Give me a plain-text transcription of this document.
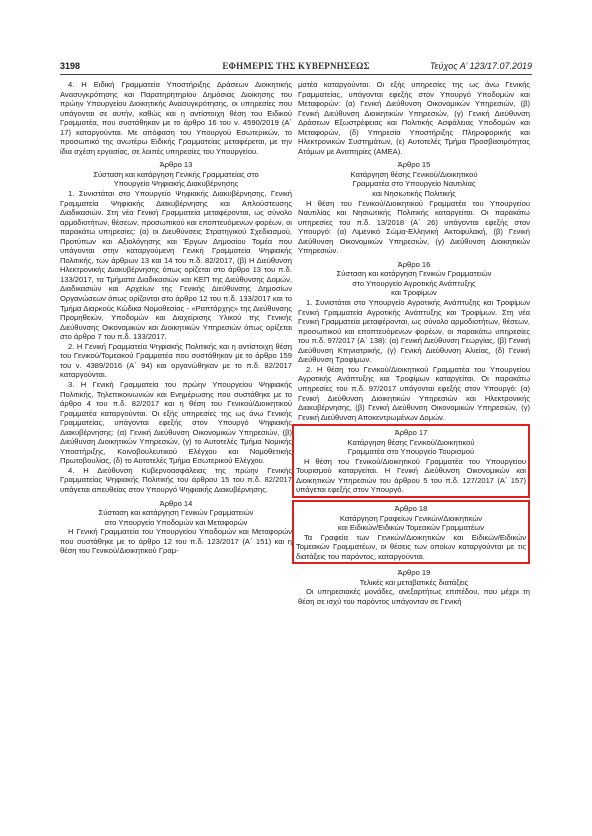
3198	ΕΦΗΜΕΡΙΣ ΤΗΣ ΚΥΒΕΡΝΗΣΕΩΣ	Τεύχος Α’ 123/17.07.2019

4. Η Ειδική Γραμματεία Υποστήριξης Δράσεων Διοικητικής Ανασυγκρότησης και Παρατηρητηρίου Δημόσιας Διοίκησης του πρώην Υπουργείου Διοικητικής Ανασυγκρότησης, οι υπηρεσίες που υπάγονται σε αυτήν, καθώς και η αντίστοιχη θέση του Ειδικού Γραμματέα, που συστάθηκαν με το άρθρο 16 του ν. 4590/2019 (Α΄ 17) καταργούνται. Με απόφαση του Υπουργού Εσωτερικών, το προσωπικό της ανωτέρω Ειδικής Γραμματείας μεταφέρεται, με την ίδια σχέση εργασίας, σε λοιπές υπηρεσίες του Υπουργείου.

Άρθρο 13
Σύσταση και κατάργηση Γενικής Γραμματείας στο
Υπουργείο Ψηφιακής Διακυβέρνησης

1. Συνιστάται στο Υπουργείο Ψηφιακής Διακυβέρνησης, Γενική Γραμματεία Ψηφιακής Διακυβέρνησης και Απλούστευσης Διαδικασιών. Στη νέα Γενική Γραμματεία μεταφέρονται, ως σύνολο αρμοδιοτήτων, θέσεων, προσωπικού και εποπτευόμενων φορέων, οι παρακάτω υπηρεσίες: (α) οι Διευθύνσεις Στρατηγικού Σχεδιασμού, Προτύπων και Αξιολόγησης και Έργων Δημοσίου Τομέα που υπάγονται στην καταργούμενη Γενική Γραμματεία Ψηφιακής Πολιτικής, των άρθρων 13 και 14 του π.δ. 82/2017, (β) Η Διεύθυνση Ηλεκτρονικής Διακυβέρνησης όπως ορίζεται στο άρθρο 13 του π.δ. 133/2017, τα Τμήματα Διαδικασιών και ΚΕΠ της Διεύθυνσης Δομών, Διαδικασιών και Αρχείων της Γενικής Διεύθυνσης Δημοσίων Οργανώσεων όπως ορίζονται στο άρθρο 12 του π.δ. 133/2017 και το Τμήμα Διαρκούς Κώδικα Νομοθεσίας - «Ραπτάρχης» της Διεύθυνσης Προμηθειών, Υποδομών και Διαχείρισης Υλικού της Γενικής Διεύθυνσης Οικονομικών και Διοικητικών Υπηρεσιών όπως ορίζεται στο άρθρο 7 του π.δ. 133/2017.

2. Η Γενική Γραμματεία Ψηφιακής Πολιτικής και η αντίστοιχη θέση του Γενικού/Τομεακού Γραμματέα που συστάθηκαν με το άρθρο 159 του ν. 4389/2016 (Α΄ 94) και οργανώθηκαν με το π.δ. 82/2017 καταργούνται.

3. Η Γενική Γραμματεία του πρώην Υπουργείου Ψηφιακής Πολιτικής, Τηλεπικοινωνιών και Ενημέρωσης που συστάθηκε με το άρθρο 4 του π.δ. 82/2017 και η θέση του Γενικού/Διοικητικού Γραμματέα καταργούνται. Οι εξής υπηρεσίες της ως άνω Γενικής Γραμματείας, υπάγονται εφεξής στον Υπουργό Ψηφιακής Διακυβέρνησης: (α) Γενική Διεύθυνση Οικονομικών Υπηρεσιών, (β) Διεύθυνση Διοικητικών Υπηρεσιών, (γ) το Αυτοτελές Τμήμα Νομικής Υποστήριξης, Κοινοβουλευτικού Ελέγχου και Νομοθετικής Πρωτοβουλίας, (δ) το Αυτοτελές Τμήμα Εσωτερικού Ελέγχου.

4. Η Διεύθυνση Κυβερνοασφάλειας της πρώην Γενικής Γραμματείας Ψηφιακής Πολιτικής του άρθρου 15 του π.δ. 82/2017 υπάγεται απευθείας στον Υπουργό Ψηφιακής Διακυβέρνησης.

Άρθρο 14
Σύσταση και κατάργηση Γενικών Γραμματειών
στο Υπουργείο Υποδομών και Μεταφορών

Η Γενική Γραμματεία του Υπουργείου Υποδομών και Μεταφορών που συστάθηκε με το άρθρο 12 του π.δ. 123/2017 (Α΄ 151) και η θέση του Γενικού/Διοικητικού Γραμ-

ματέα καταργούνται. Οι εξής υπηρεσίες της ως άνω Γενικής Γραμματείας, υπάγονται εφεξής στον Υπουργό Υποδομών και Μεταφορών: (α) Γενική Διεύθυνση Οικονομικών Υπηρεσιών, (β) Γενική Διεύθυνση Διοικητικών Υπηρεσιών, (γ) Γενική Διεύθυνση Δράσεων Εξωστρέφειας και Πολιτικής Ασφάλειας Υποδομών και Μεταφορών, (δ) Υπηρεσία Υποστήριξης Πληροφορικής και Ηλεκτρονικών Συστημάτων, (ε) Αυτοτελές Τμήμα Προσβασιμότητας Ατόμων με Αναπηρίες (ΑΜΕΑ).

Άρθρο 15
Κατάργηση θέσης Γενικού/Διοικητικού
Γραμματέα στο Υπουργείο Ναυτιλίας
και Νησιωτικής Πολιτικής

Η θέση του Γενικού/Διοικητικού Γραμματέα του Υπουργείου Ναυτιλίας και Νησιωτικής Πολιτικής καταργείται. Οι παρακάτω υπηρεσίες του π.δ. 13/2018 (Α΄ 26) υπάγονται εφεξής στον Υπουργό: (α) Λιμενικό Σώμα-Ελληνική Ακτοφυλακή, (β) Γενική Διεύθυνση Οικονομικών Υπηρεσιών, (γ) Διεύθυνση Διοικητικών Υπηρεσιών.

Άρθρο 16
Σύσταση και κατάργηση Γενικών Γραμματειών
στο Υπουργείο Αγροτικής Ανάπτυξης
και Τροφίμων

1. Συνιστάται στο Υπουργείο Αγροτικής Ανάπτυξης και Τροφίμων Γενική Γραμματεία Αγροτικής Ανάπτυξης και Τροφίμων. Στη νέα Γενική Γραμματεία μεταφέρονται, ως σύνολο αρμοδιοτήτων, θέσεων, προσωπικού και εποπτευόμενων φορέων, οι παρακάτω υπηρεσίες του π.δ. 97/2017 (Α΄ 138): (α) Γενική Διεύθυνση Γεωργίας, (β) Γενική Διεύθυνση Κτηνιατρικής, (γ) Γενική Διεύθυνση Αλιείας, (δ) Γενική Διεύθυνση Τροφίμων.

2. Η θέση του Γενικού/Διοικητικού Γραμματέα του Υπουργείου Αγροτικής Ανάπτυξης και Τροφίμων καταργείται. Οι παρακάτω υπηρεσίες του π.δ. 97/2017 υπάγονται εφεξής στον Υπουργό: (α) Γενική Διεύθυνση Διοικητικών Υπηρεσιών και Ηλεκτρονικής Διακυβέρνησης, (β) Γενική Διεύθυνση Οικονομικών Υπηρεσιών, (γ) Γενική Διεύθυνση Αποκεντρωμένων Δομών.

Άρθρο 17
Κατάργηση θέσης Γενικού/Διοικητικού
Γραμματέα στο Υπουργείο Τουρισμού

Η θέση του Γενικού/Διοικητικού Γραμματέα του Υπουργείου Τουρισμού καταργείται. Η Γενική Διεύθυνση Οικονομικών και Διοικητικών Υπηρεσιών του άρθρου 5 του π.δ. 127/2017 (Α΄ 157) υπάγεται εφεξής στον Υπουργό.

Άρθρο 18
Κατάργηση Γραφείων Γενικών/Διοικητικών
και Ειδικών/Ειδικών Τομεακών Γραμματέων

Τα Γραφεία των Γενικών/Διοικητικών και Ειδικών/Ειδικών Τομεακών Γραμματέων, οι θέσεις των οποίων καταργούνται με τις διατάξεις του παρόντος, καταργούνται.

Άρθρο 19
Τελικές και μεταβατικές διατάξεις

Οι υπηρεσιακές μονάδες, ανεξαρτήτως επιπέδου, που μέχρι τη θέση σε ισχύ του παρόντος υπάγονταν σε Γενική
